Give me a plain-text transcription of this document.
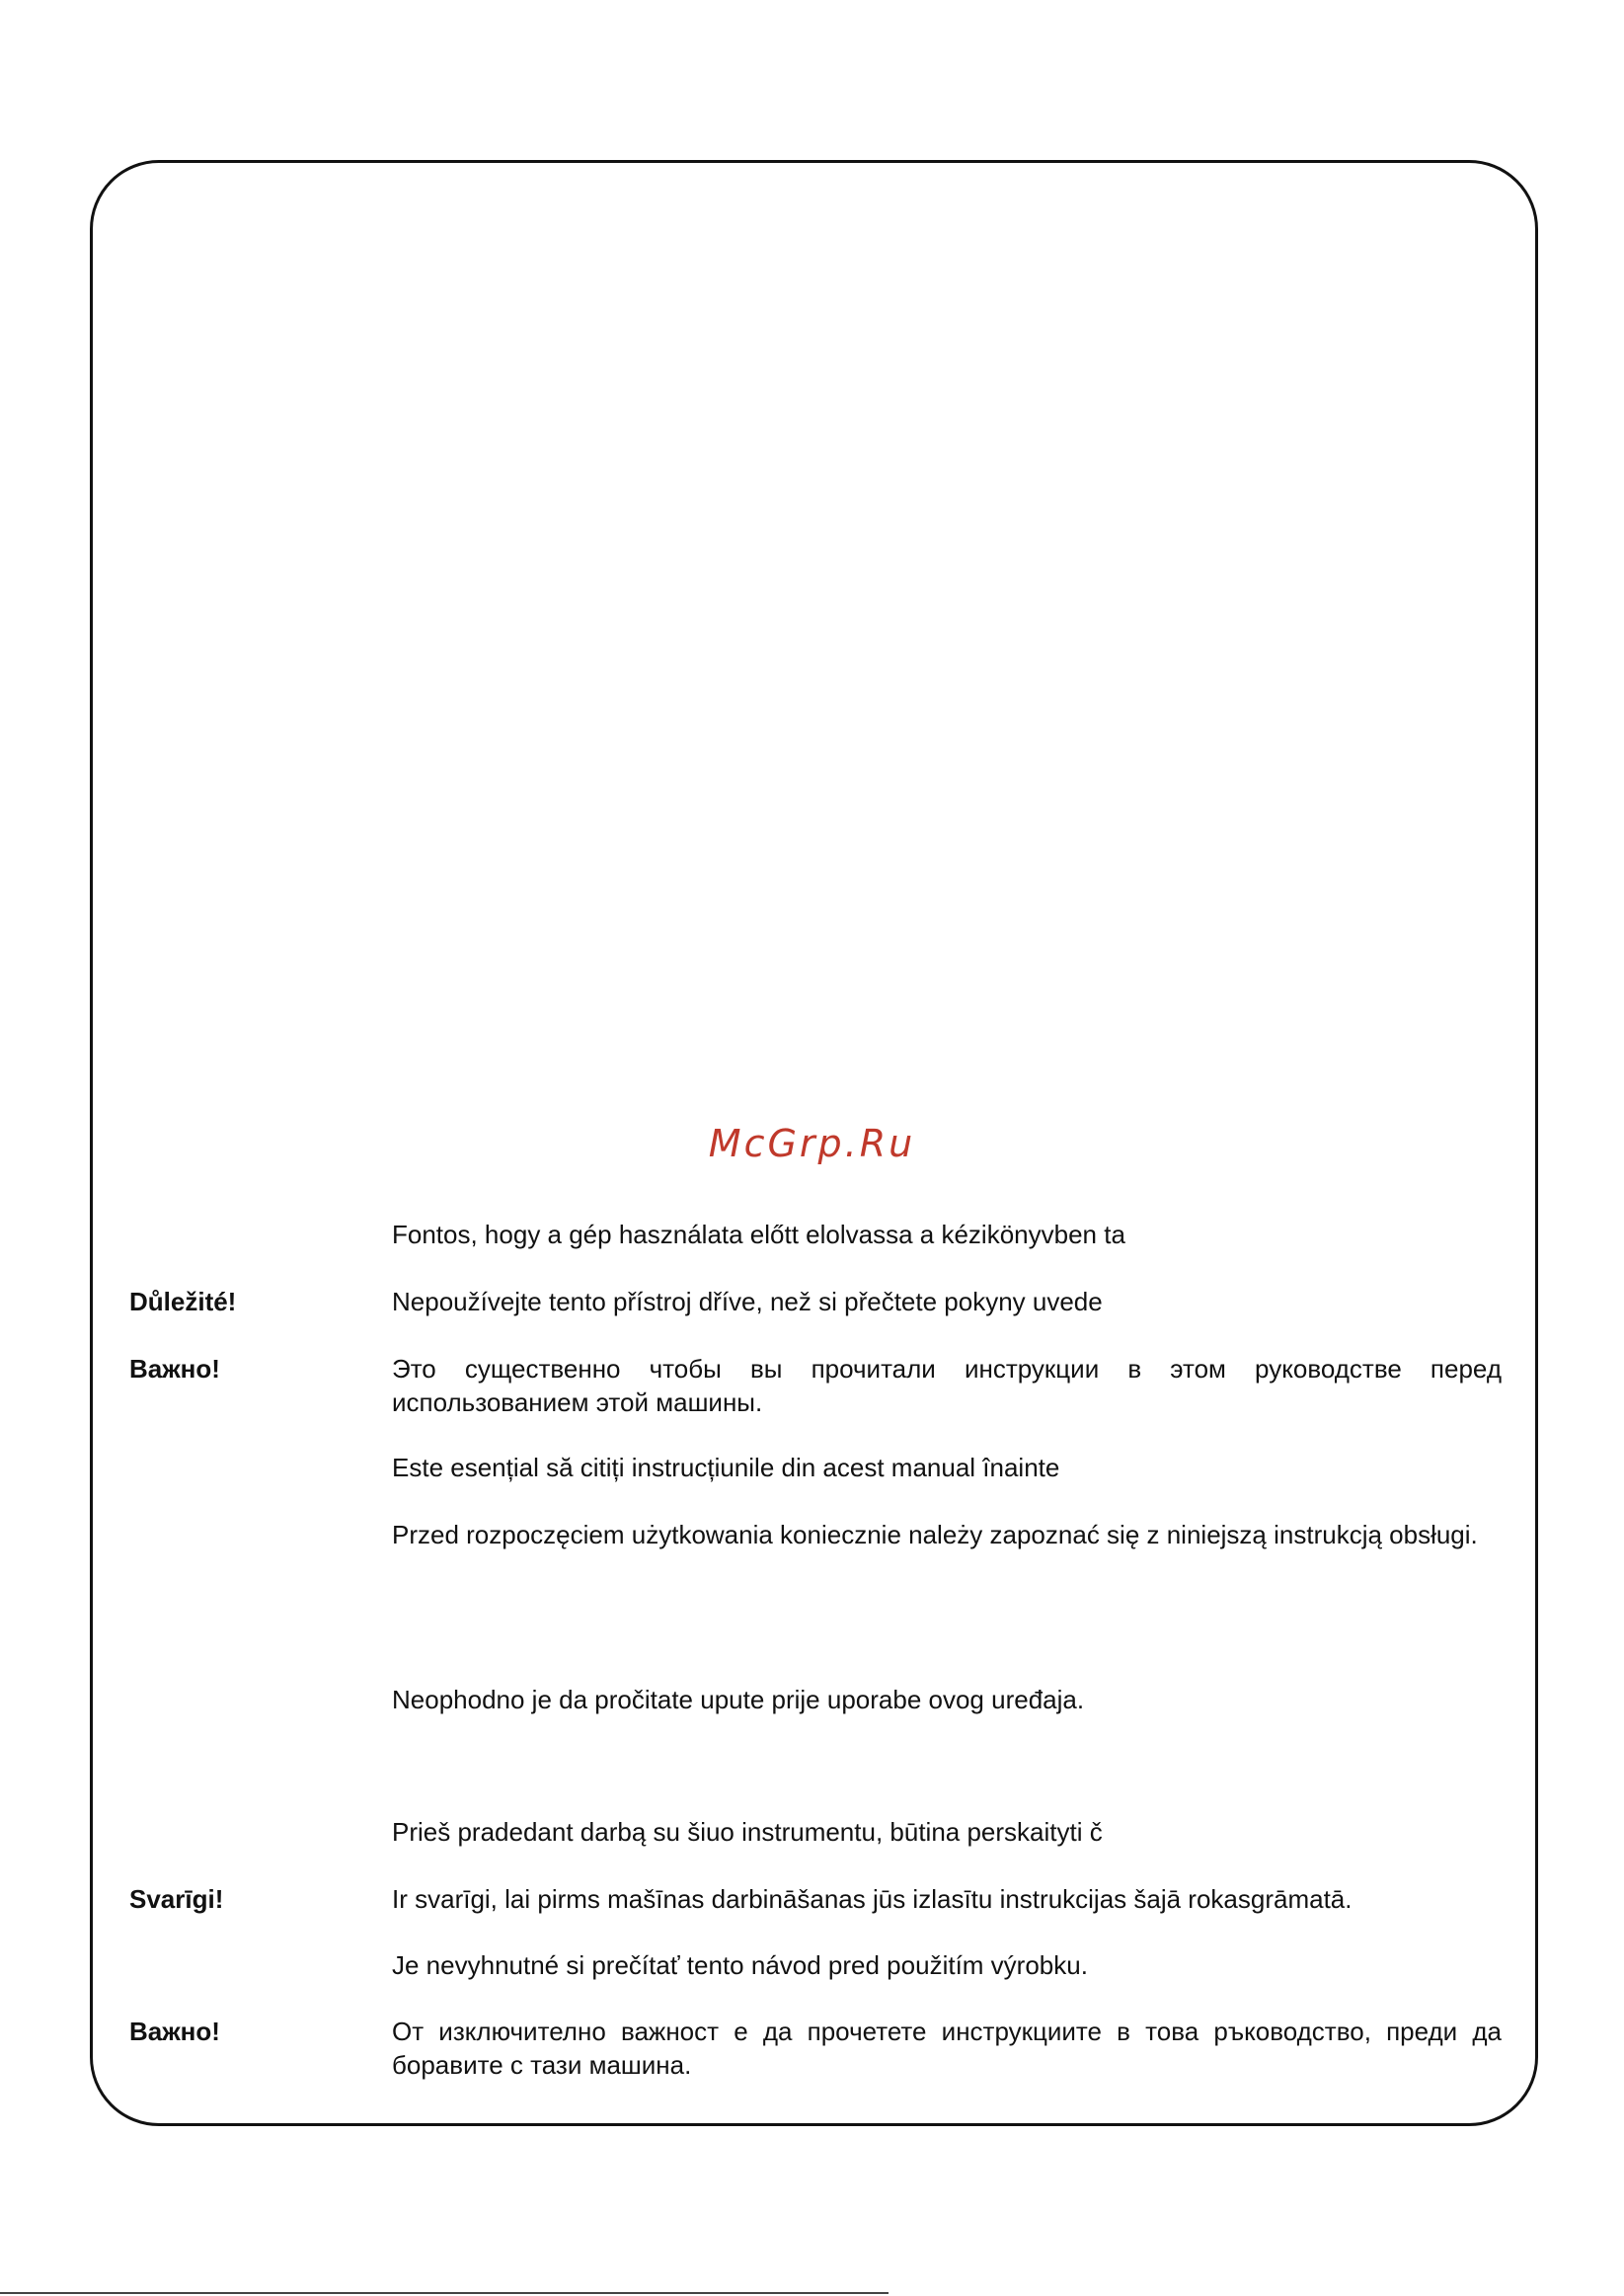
McGrp.Ru

Fontos, hogy a gép használata előtt elolvassa a kézikönyvben ta

Důležité!	Nepoužívejte tento přístroj dříve, než si přečtete pokyny uvede

Важно!	Это существенно чтобы вы прочитали инструкции в этом руководстве перед использованием этой машины.

Este esențial să citiți instrucțiunile din acest manual înainte

Przed rozpoczęciem użytkowania koniecznie należy zapoznać się z niniejszą instrukcją obsługi.

Neophodno je da pročitate upute prije uporabe ovog uređaja.

Prieš pradedant darbą su šiuo instrumentu, būtina perskaityti č

Svarīgi!	Ir svarīgi, lai pirms mašīnas darbināšanas jūs izlasītu instrukcijas šajā rokasgrāmatā.

Je nevyhnutné si prečítať tento návod pred použitím výrobku.

Важно!	От изключително важност е да прочетете инструкциите в това ръководство, преди да боравите с тази машина.
